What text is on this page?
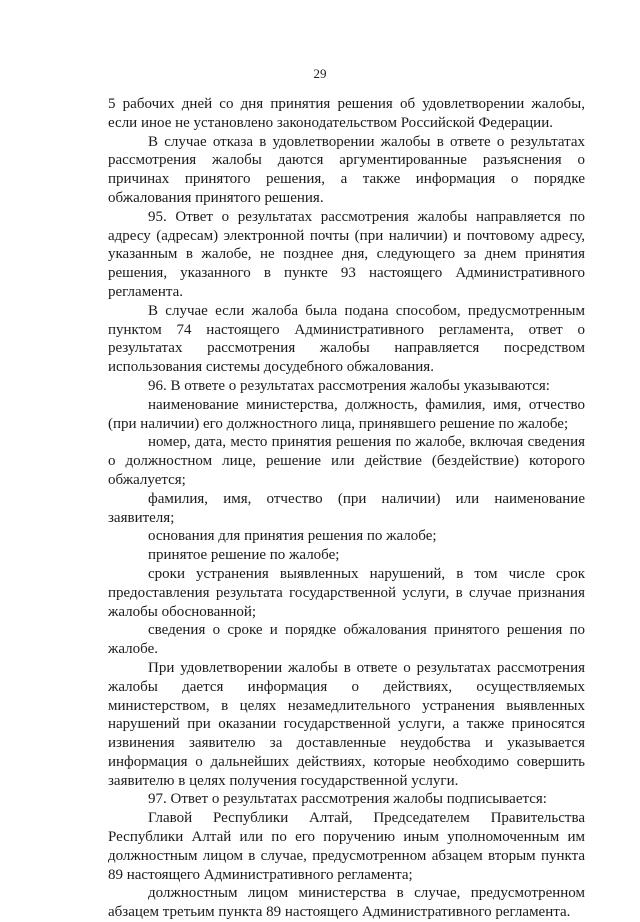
29

5 рабочих дней со дня принятия решения об удовлетворении жалобы, если иное не установлено законодательством Российской Федерации.

В случае отказа в удовлетворении жалобы в ответе о результатах рассмотрения жалобы даются аргументированные разъяснения о причинах принятого решения, а также информация о порядке обжалования принятого решения.

95. Ответ о результатах рассмотрения жалобы направляется по адресу (адресам) электронной почты (при наличии) и почтовому адресу, указанным в жалобе, не позднее дня, следующего за днем принятия решения, указанного в пункте 93 настоящего Административного регламента.

В случае если жалоба была подана способом, предусмотренным пунктом 74 настоящего Административного регламента, ответ о результатах рассмотрения жалобы направляется посредством использования системы досудебного обжалования.

96. В ответе о результатах рассмотрения жалобы указываются:

наименование министерства, должность, фамилия, имя, отчество (при наличии) его должностного лица, принявшего решение по жалобе;

номер, дата, место принятия решения по жалобе, включая сведения о должностном лице, решение или действие (бездействие) которого обжалуется;

фамилия, имя, отчество (при наличии) или наименование заявителя;

основания для принятия решения по жалобе;

принятое решение по жалобе;

сроки устранения выявленных нарушений, в том числе срок предоставления результата государственной услуги, в случае признания жалобы обоснованной;

сведения о сроке и порядке обжалования принятого решения по жалобе.

При удовлетворении жалобы в ответе о результатах рассмотрения жалобы дается информация о действиях, осуществляемых министерством, в целях незамедлительного устранения выявленных нарушений при оказании государственной услуги, а также приносятся извинения заявителю за доставленные неудобства и указывается информация о дальнейших действиях, которые необходимо совершить заявителю в целях получения государственной услуги.

97. Ответ о результатах рассмотрения жалобы подписывается:

Главой Республики Алтай, Председателем Правительства Республики Алтай или по его поручению иным уполномоченным им должностным лицом в случае, предусмотренном абзацем вторым пункта 89 настоящего Административного регламента;

должностным лицом министерства в случае, предусмотренном абзацем третьим пункта 89 настоящего Административного регламента.
